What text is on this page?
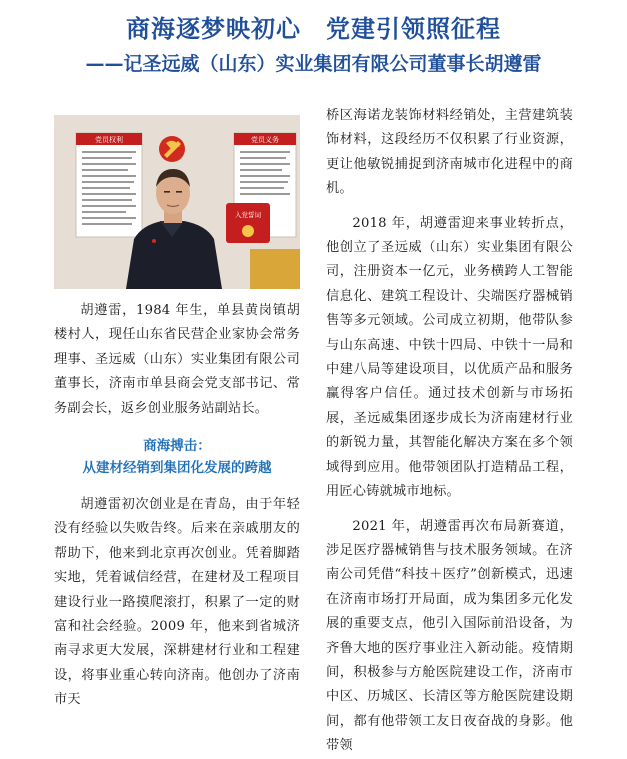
商海逐梦映初心　党建引领照征程
——记圣远威（山东）实业集团有限公司董事长胡遵雷
党员权利	党员义务
入党誓词

胡遵雷，1984 年生，单县黄岗镇胡楼村人，现任山东省民营企业家协会常务理事、圣远威（山东）实业集团有限公司董事长，济南市单县商会党支部书记、常务副会长，返乡创业服务站副站长。

商海搏击：
从建材经销到集团化发展的跨越

胡遵雷初次创业是在青岛，由于年轻没有经验以失败告终。后来在亲戚朋友的帮助下，他来到北京再次创业。凭着脚踏实地，凭着诚信经营，在建材及工程项目建设行业一路摸爬滚打，积累了一定的财富和社会经验。2009 年，他来到省城济南寻求更大发展，深耕建材行业和工程建设，将事业重心转向济南。他创办了济南市天

桥区海诺龙装饰材料经销处，主营建筑装饰材料，这段经历不仅积累了行业资源，更让他敏锐捕捉到济南城市化进程中的商机。

2018 年，胡遵雷迎来事业转折点，他创立了圣远威（山东）实业集团有限公司，注册资本一亿元，业务横跨人工智能信息化、建筑工程设计、尖端医疗器械销售等多元领域。公司成立初期，他带队参与山东高速、中铁十四局、中铁十一局和中建八局等建设项目，以优质产品和服务赢得客户信任。通过技术创新与市场拓展，圣远威集团逐步成长为济南建材行业的新锐力量，其智能化解决方案在多个领域得到应用。他带领团队打造精品工程，用匠心铸就城市地标。

2021 年，胡遵雷再次布局新赛道，涉足医疗器械销售与技术服务领域。在济南公司凭借“科技＋医疗”创新模式，迅速在济南市场打开局面，成为集团多元化发展的重要支点，他引入国际前沿设备，为齐鲁大地的医疗事业注入新动能。疫情期间，积极参与方舱医院建设工作，济南市中区、历城区、长清区等方舱医院建设期间，都有他带领工友日夜奋战的身影。他带领
